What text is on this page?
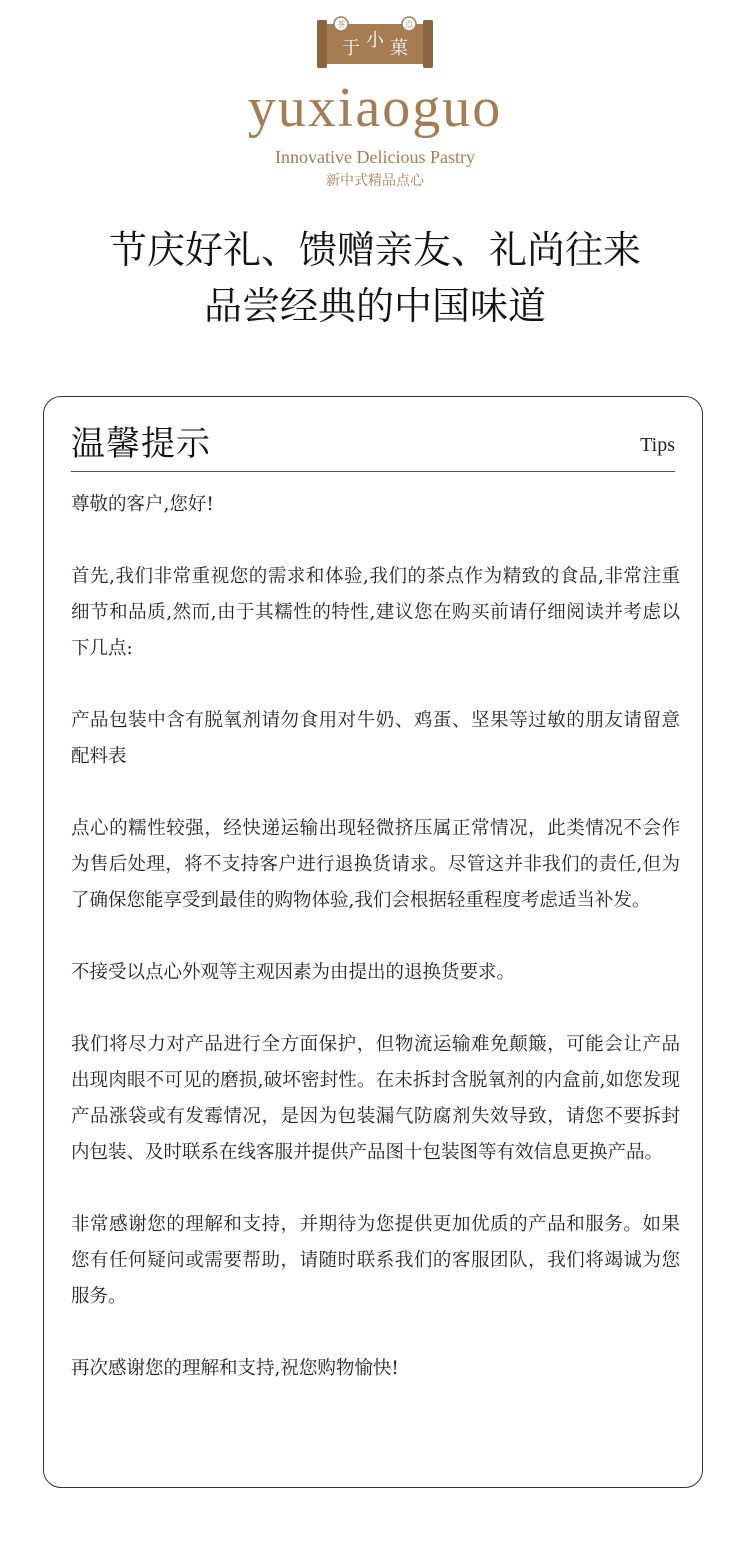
茶	点
于 小 菓
yuxiaoguo
Innovative Delicious Pastry
新中式精品点心
节庆好礼、馈赠亲友、礼尚往来
品尝经典的中国味道
温馨提示	Tips

尊敬的客户,您好!

首先,我们非常重视您的需求和体验,我们的茶点作为精致的食品,非常注重细节和品质,然而,由于其糯性的特性,建议您在购买前请仔细阅读并考虑以下几点:

产品包装中含有脱氧剂请勿食用对牛奶、鸡蛋、坚果等过敏的朋友请留意配料表

点心的糯性较强，经快递运输出现轻微挤压属正常情况，此类情况不会作为售后处理，将不支持客户进行退换货请求。尽管这并非我们的责任,但为了确保您能享受到最佳的购物体验,我们会根据轻重程度考虑适当补发。

不接受以点心外观等主观因素为由提出的退换货要求。

我们将尽力对产品进行全方面保护，但物流运输难免颠簸，可能会让产品出现肉眼不可见的磨损,破坏密封性。在未拆封含脱氧剂的内盒前,如您发现产品涨袋或有发霉情况，是因为包装漏气防腐剂失效导致，请您不要拆封内包装、及时联系在线客服并提供产品图十包装图等有效信息更换产品。

非常感谢您的理解和支持，并期待为您提供更加优质的产品和服务。如果您有任何疑问或需要帮助，请随时联系我们的客服团队，我们将竭诚为您服务。

再次感谢您的理解和支持,祝您购物愉快!
